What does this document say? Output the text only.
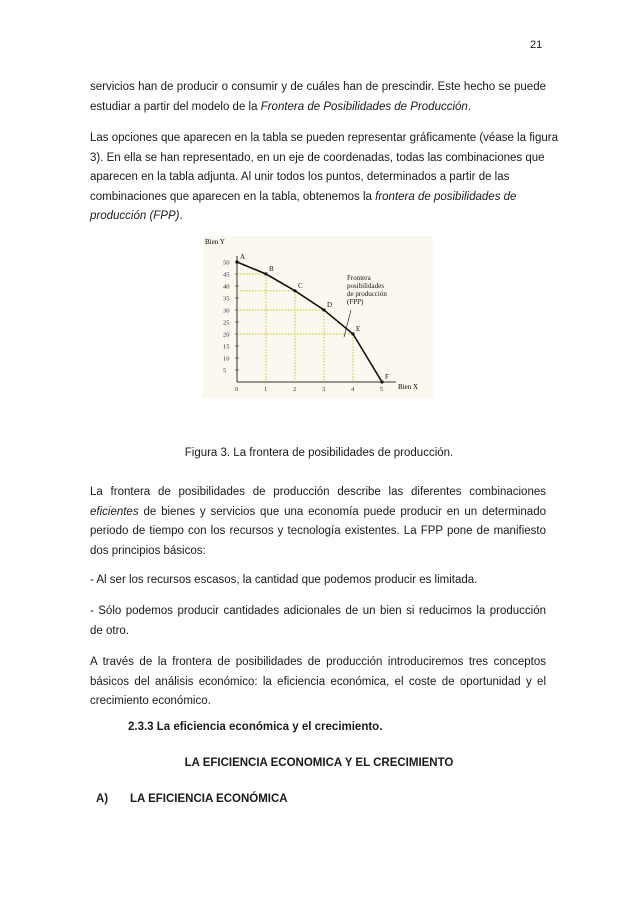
21
servicios han de producir o consumir y de cuáles han de prescindir. Este hecho se puede estudiar a partir del modelo de la Frontera de Posibilidades de Producción.
Las opciones que aparecen en la tabla se pueden representar gráficamente (véase la figura 3). En ella se han representado, en un eje de coordenadas, todas las combinaciones que aparecen en la tabla adjunta. Al unir todos los puntos, determinados a partir de las combinaciones que aparecen en la tabla, obtenemos la frontera de posibilidades de producción (FPP).
Bien Y
Bien X
5
10
15
20
25
30
35
40
45
50
0	1	2	3	4	5
A
B
C
D
E
F
Frontera
posibilidades
de producción
(FPP)
Figura 3. La frontera de posibilidades de producción.
La frontera de posibilidades de producción describe las diferentes combinaciones eficientes de bienes y servicios que una economía puede producir en un determinado periodo de tiempo con los recursos y tecnología existentes. La FPP pone de manifiesto dos principios básicos:
- Al ser los recursos escasos, la cantidad que podemos producir es limitada.
- Sólo podemos producir cantidades adicionales de un bien si reducimos la producción de otro.
A través de la frontera de posibilidades de producción introduciremos tres conceptos básicos del análisis económico: la eficiencia económica, el coste de oportunidad y el crecimiento económico.
2.3.3 La eficiencia económica y el crecimiento.
LA EFICIENCIA ECONOMICA Y EL CRECIMIENTO
A) LA EFICIENCIA ECONÓMICA
